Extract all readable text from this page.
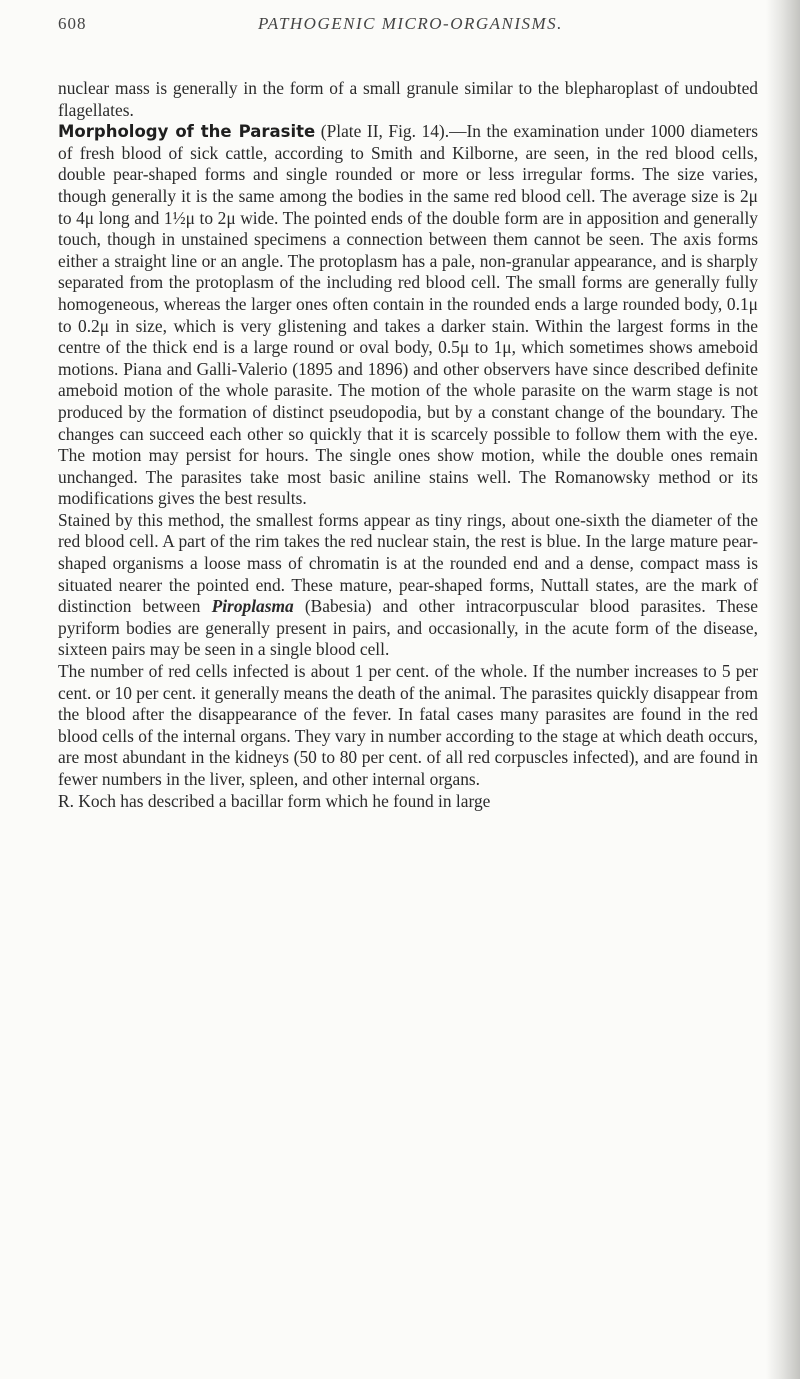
608	PATHOGENIC MICRO-ORGANISMS.

nuclear mass is generally in the form of a small granule similar to the blepharoplast of undoubted flagellates.

Morphology of the Parasite (Plate II, Fig. 14).—In the examination under 1000 diameters of fresh blood of sick cattle, according to Smith and Kilborne, are seen, in the red blood cells, double pear-shaped forms and single rounded or more or less irregular forms. The size varies, though generally it is the same among the bodies in the same red blood cell. The average size is 2μ to 4μ long and 1½μ to 2μ wide. The pointed ends of the double form are in apposition and generally touch, though in unstained specimens a connection between them cannot be seen. The axis forms either a straight line or an angle. The protoplasm has a pale, non-granular appearance, and is sharply separated from the protoplasm of the including red blood cell. The small forms are generally fully homogeneous, whereas the larger ones often contain in the rounded ends a large rounded body, 0.1μ to 0.2μ in size, which is very glistening and takes a darker stain. Within the largest forms in the centre of the thick end is a large round or oval body, 0.5μ to 1μ, which sometimes shows ameboid motions. Piana and Galli-Valerio (1895 and 1896) and other observers have since described definite ameboid motion of the whole parasite. The motion of the whole parasite on the warm stage is not produced by the formation of distinct pseudopodia, but by a constant change of the boundary. The changes can succeed each other so quickly that it is scarcely possible to follow them with the eye. The motion may persist for hours. The single ones show motion, while the double ones remain unchanged. The parasites take most basic aniline stains well. The Romanowsky method or its modifications gives the best results.

Stained by this method, the smallest forms appear as tiny rings, about one-sixth the diameter of the red blood cell. A part of the rim takes the red nuclear stain, the rest is blue. In the large mature pear-shaped organisms a loose mass of chromatin is at the rounded end and a dense, compact mass is situated nearer the pointed end. These mature, pear-shaped forms, Nuttall states, are the mark of distinction between Piroplasma (Babesia) and other intracorpuscular blood parasites. These pyriform bodies are generally present in pairs, and occasionally, in the acute form of the disease, sixteen pairs may be seen in a single blood cell.

The number of red cells infected is about 1 per cent. of the whole. If the number increases to 5 per cent. or 10 per cent. it generally means the death of the animal. The parasites quickly disappear from the blood after the disappearance of the fever. In fatal cases many parasites are found in the red blood cells of the internal organs. They vary in number according to the stage at which death occurs, are most abundant in the kidneys (50 to 80 per cent. of all red corpuscles infected), and are found in fewer numbers in the liver, spleen, and other internal organs.

R. Koch has described a bacillar form which he found in large
